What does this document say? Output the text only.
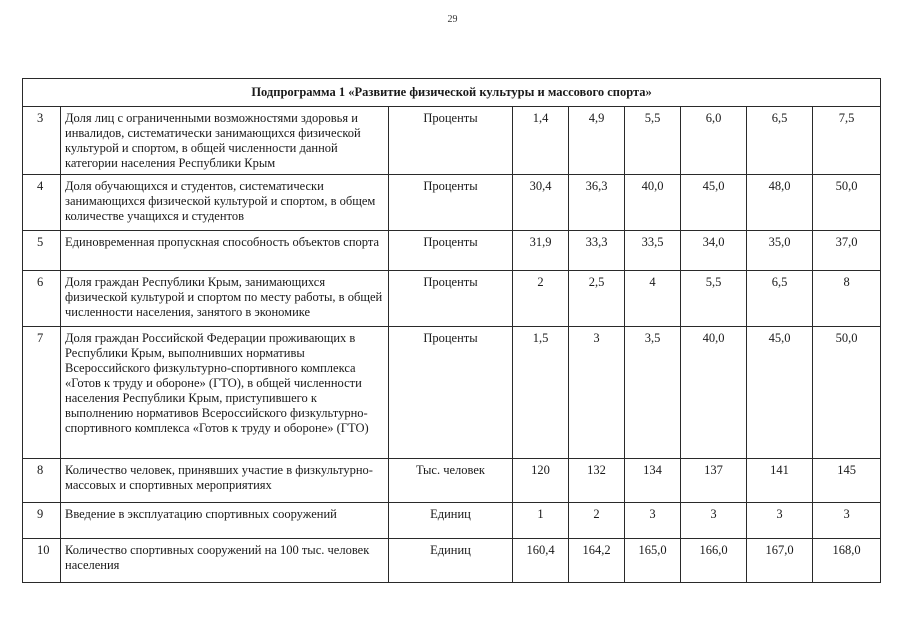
29
Подпрограмма 1 «Развитие физической культуры и массового спорта»								
3	Доля лиц с ограниченными возможностями здоровья и инвалидов, систематически занимающихся физической культурой и спортом, в общей численности данной категории населения Республики Крым	Проценты	1,4	4,9	5,5	6,0	6,5	7,5
4	Доля обучающихся и студентов, систематически занимающихся физической культурой и спортом, в общем количестве учащихся и студентов	Проценты	30,4	36,3	40,0	45,0	48,0	50,0
5	Единовременная пропускная способность объектов спорта	Проценты	31,9	33,3	33,5	34,0	35,0	37,0
6	Доля граждан Республики Крым, занимающихся физической культурой и спортом по месту работы, в общей численности населения, занятого в экономике	Проценты	2	2,5	4	5,5	6,5	8
7	Доля граждан Российской Федерации проживающих в Республики Крым, выполнивших нормативы Всероссийского физкультурно-спортивного комплекса «Готов к труду и обороне» (ГТО), в общей численности населения Республики Крым, приступившего к выполнению нормативов Всероссийского физкультурно-спортивного комплекса «Готов к труду и обороне» (ГТО)	Проценты	1,5	3	3,5	40,0	45,0	50,0
8	Количество человек, принявших участие в физкультурно-массовых и спортивных мероприятиях	Тыс. человек	120	132	134	137	141	145
9	Введение в эксплуатацию спортивных сооружений	Единиц	1	2	3	3	3	3
10	Количество спортивных сооружений на 100 тыс. человек населения	Единиц	160,4	164,2	165,0	166,0	167,0	168,0
